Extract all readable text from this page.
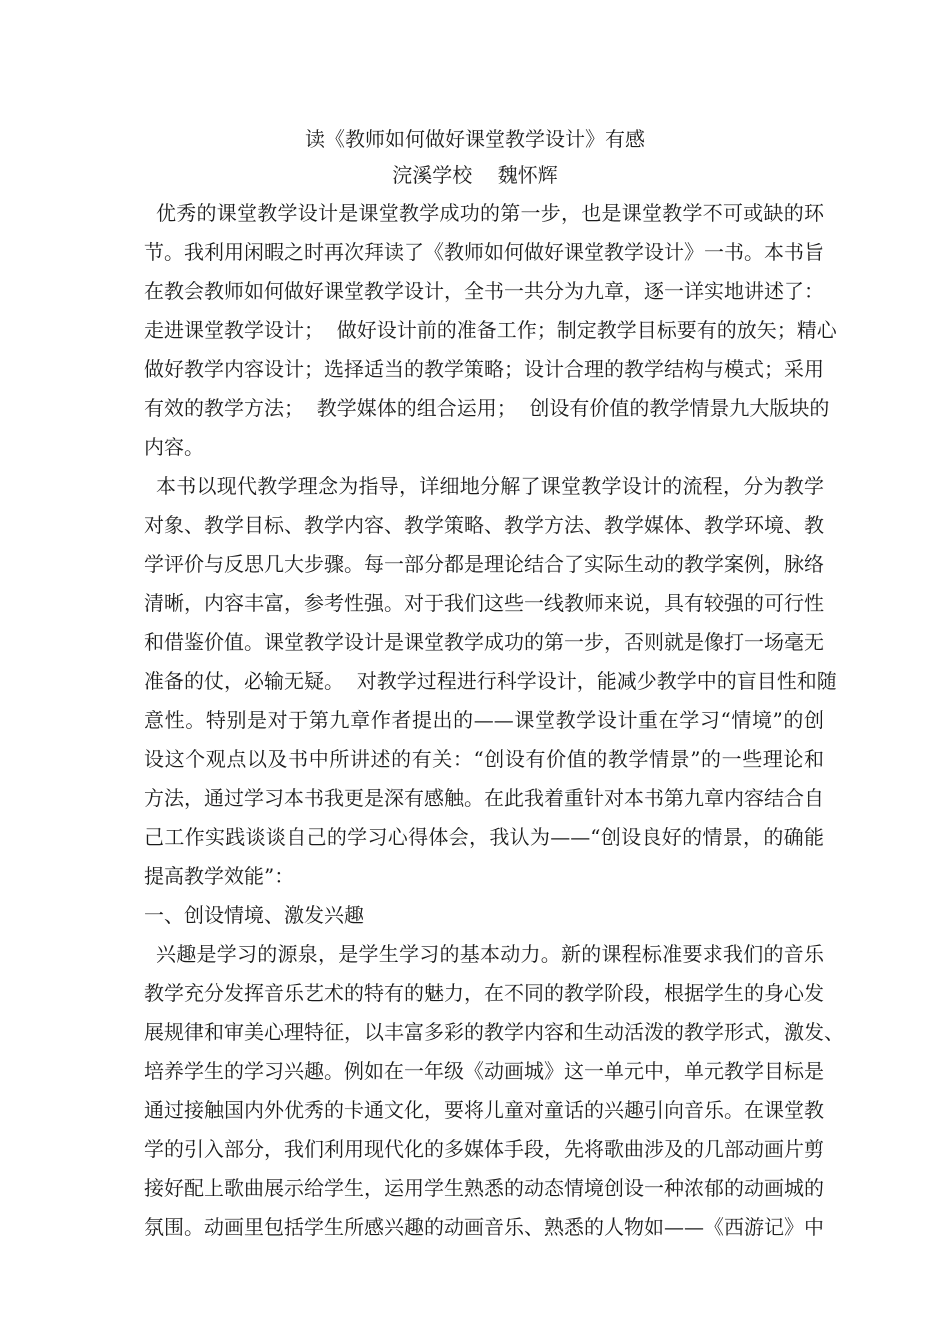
读《教师如何做好课堂教学设计》有感
浣溪学校    魏怀辉
优秀的课堂教学设计是课堂教学成功的第一步，也是课堂教学不可或缺的环
节。我利用闲暇之时再次拜读了《教师如何做好课堂教学设计》一书。本书旨
在教会教师如何做好课堂教学设计，全书一共分为九章，逐一详实地讲述了：
走进课堂教学设计；  做好设计前的准备工作；制定教学目标要有的放矢；精心
做好教学内容设计；选择适当的教学策略；设计合理的教学结构与模式；采用
有效的教学方法；  教学媒体的组合运用；  创设有价值的教学情景九大版块的
内容。
本书以现代教学理念为指导，详细地分解了课堂教学设计的流程，分为教学
对象、教学目标、教学内容、教学策略、教学方法、教学媒体、教学环境、教
学评价与反思几大步骤。每一部分都是理论结合了实际生动的教学案例，脉络
清晰，内容丰富，参考性强。对于我们这些一线教师来说，具有较强的可行性
和借鉴价值。课堂教学设计是课堂教学成功的第一步，否则就是像打一场毫无
准备的仗，必输无疑。  对教学过程进行科学设计，能减少教学中的盲目性和随
意性。特别是对于第九章作者提出的——课堂教学设计重在学习“情境”的创
设这个观点以及书中所讲述的有关：“创设有价值的教学情景”的一些理论和
方法，通过学习本书我更是深有感触。在此我着重针对本书第九章内容结合自
己工作实践谈谈自己的学习心得体会，我认为——“创设良好的情景，的确能
提高教学效能”：
一、创设情境、激发兴趣
兴趣是学习的源泉，是学生学习的基本动力。新的课程标准要求我们的音乐
教学充分发挥音乐艺术的特有的魅力，在不同的教学阶段，根据学生的身心发
展规律和审美心理特征，以丰富多彩的教学内容和生动活泼的教学形式，激发、
培养学生的学习兴趣。例如在一年级《动画城》这一单元中，单元教学目标是
通过接触国内外优秀的卡通文化，要将儿童对童话的兴趣引向音乐。在课堂教
学的引入部分，我们利用现代化的多媒体手段，先将歌曲涉及的几部动画片剪
接好配上歌曲展示给学生，运用学生熟悉的动态情境创设一种浓郁的动画城的
氛围。动画里包括学生所感兴趣的动画音乐、熟悉的人物如——《西游记》中
